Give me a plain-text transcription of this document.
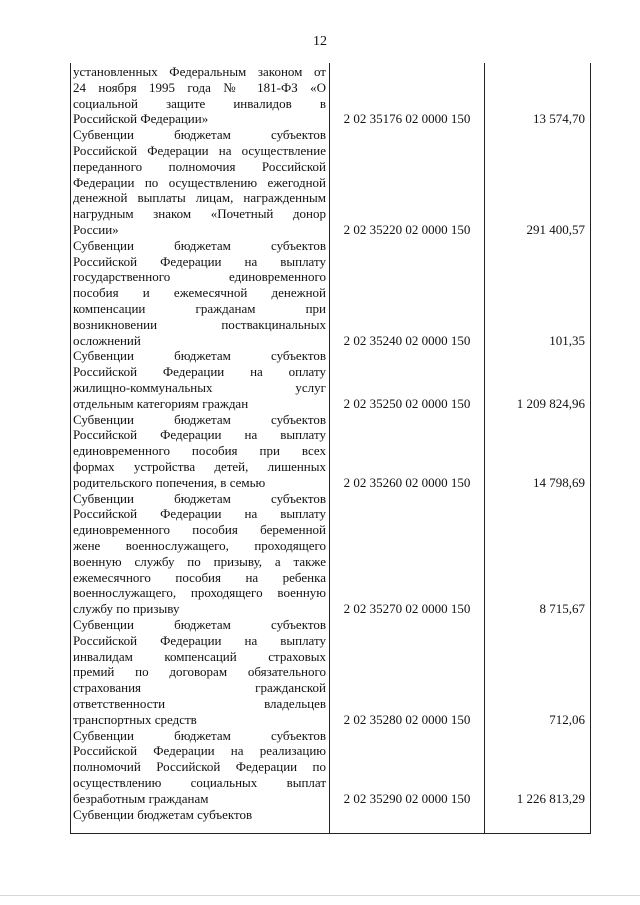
12
установленных Федеральным законом от
24 ноября 1995 года № 181-ФЗ «О
социальной защите инвалидов в
Российской Федерации»	2 02 35176 02 0000 150	13 574,70
Субвенции бюджетам субъектов
Российской Федерации на осуществление
переданного полномочия Российской
Федерации по осуществлению ежегодной
денежной выплаты лицам, награжденным
нагрудным знаком «Почетный донор
России»	2 02 35220 02 0000 150	291 400,57
Субвенции бюджетам субъектов
Российской Федерации на выплату
государственного единовременного
пособия и ежемесячной денежной
компенсации гражданам при
возникновении поствакцинальных
осложнений	2 02 35240 02 0000 150	101,35
Субвенции бюджетам субъектов
Российской Федерации на оплату
жилищно-коммунальных услуг
отдельным категориям граждан	2 02 35250 02 0000 150	1 209 824,96
Субвенции бюджетам субъектов
Российской Федерации на выплату
единовременного пособия при всех
формах устройства детей, лишенных
родительского попечения, в семью	2 02 35260 02 0000 150	14 798,69
Субвенции бюджетам субъектов
Российской Федерации на выплату
единовременного пособия беременной
жене военнослужащего, проходящего
военную службу по призыву, а также
ежемесячного пособия на ребенка
военнослужащего, проходящего военную
службу по призыву	2 02 35270 02 0000 150	8 715,67
Субвенции бюджетам субъектов
Российской Федерации на выплату
инвалидам компенсаций страховых
премий по договорам обязательного
страхования гражданской
ответственности владельцев
транспортных средств	2 02 35280 02 0000 150	712,06
Субвенции бюджетам субъектов
Российской Федерации на реализацию
полномочий Российской Федерации по
осуществлению социальных выплат
безработным гражданам	2 02 35290 02 0000 150	1 226 813,29
Субвенции бюджетам субъектов
